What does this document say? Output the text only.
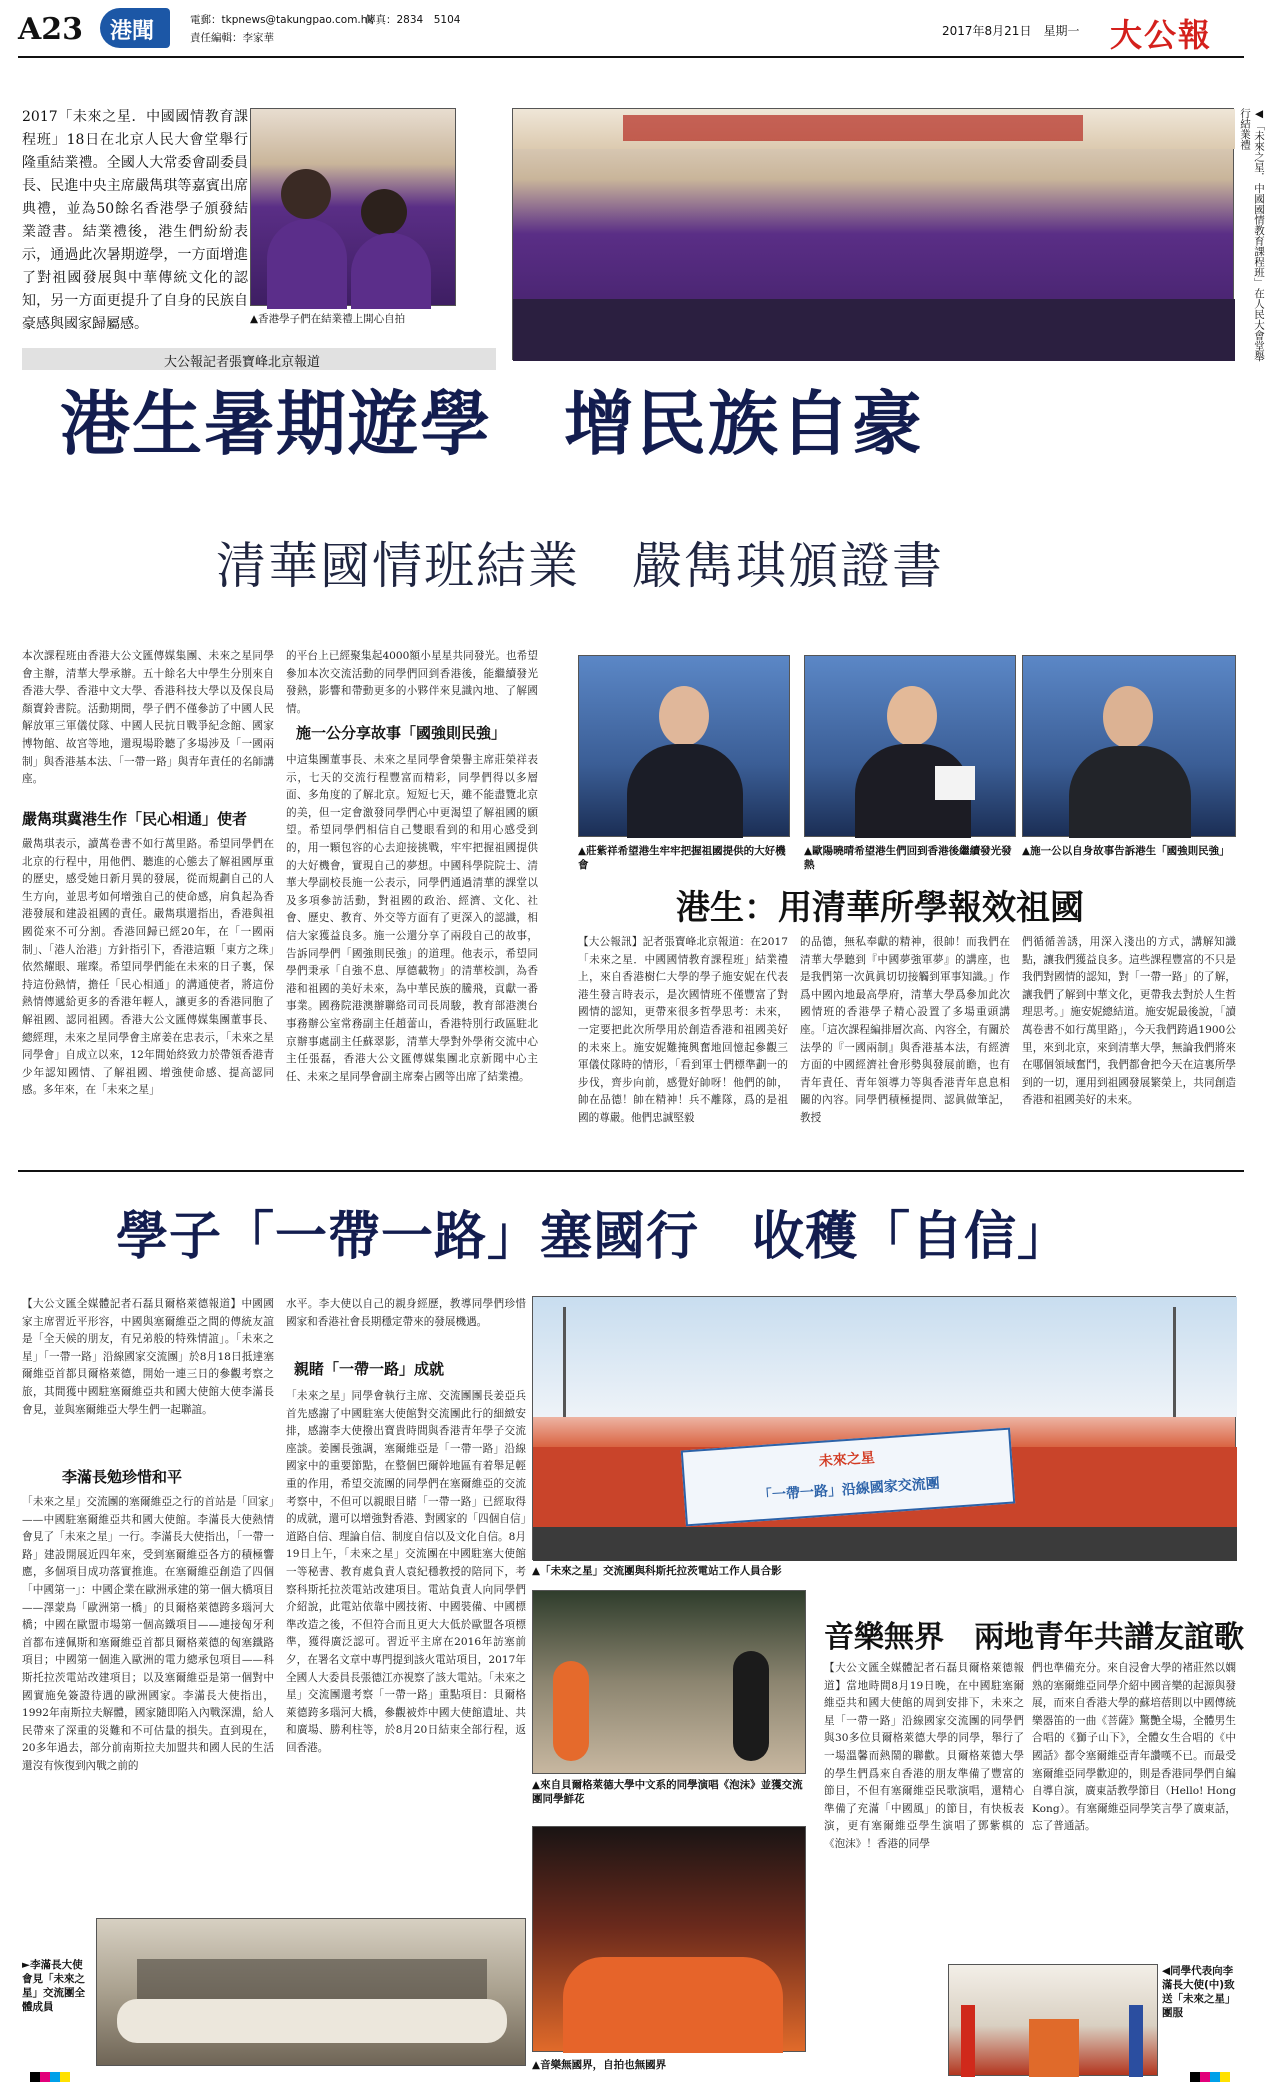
A23 港聞	電郵：tkpnews@takungpao.com.hk
傳真：2834　5104
責任編輯：李家華	2017年8月21日　星期一 大公報
2017「未來之星．中國國情教育課程班」18日在北京人民大會堂舉行隆重結業禮。全國人大常委會副委員長、民進中央主席嚴雋琪等嘉賓出席典禮，並為50餘名香港學子頒發結業證書。結業禮後，港生們紛紛表示，通過此次暑期遊學，一方面增進了對祖國發展與中華傳統文化的認知，另一方面更提升了自身的民族自豪感與國家歸屬感。	▲香港學子們在結業禮上開心自拍	◀「未來之星．中國國情教育課程班」在人民大會堂舉行結業禮
大公報記者張寶峰北京報道
港生暑期遊學　增民族自豪
清華國情班結業　嚴雋琪頒證書
本次課程班由香港大公文匯傳媒集團、未來之星同學會主辦，清華大學承辦。五十餘名大中學生分別來自香港大學、香港中文大學、香港科技大學以及保良局顏寶鈴書院。活動期間，學子們不僅參訪了中國人民解放軍三軍儀仗隊、中國人民抗日戰爭紀念館、國家博物館、故宮等地，還現場聆聽了多場涉及「一國兩制」與香港基本法、「一帶一路」與青年責任的名師講座。
嚴雋琪冀港生作「民心相通」使者
嚴雋琪表示，讀萬卷書不如行萬里路。希望同學們在北京的行程中，用他們、聽進的心態去了解祖國厚重的歷史，感受她日新月異的發展，從而規劃自己的人生方向，並思考如何增強自己的使命感，肩負起為香港發展和建設祖國的責任。嚴雋琪還指出，香港與祖國從來不可分割。香港回歸已經20年，在「一國兩制」、「港人治港」方針指引下，香港這顆「東方之珠」依然耀眼、璀璨。希望同學們能在未來的日子裏，保持這份熱情，擔任「民心相通」的溝通使者，將這份熱情傳遞給更多的香港年輕人，讓更多的香港同胞了解祖國、認同祖國。香港大公文匯傳媒集團董事長、總經理，未來之星同學會主席姜在忠表示，「未來之星同學會」自成立以來，12年間始終致力於帶領香港青少年認知國情、了解祖國、增強使命感、提高認同感。多年來，在「未來之星」
的平台上已經聚集起4000額小星星共同發光。也希望參加本次交流活動的同學們回到香港後，能繼續發光發熱，影響和帶動更多的小夥伴來見識內地、了解國情。
施一公分享故事「國強則民強」
中這集團董事長、未來之星同學會榮譽主席莊榮祥表示，七天的交流行程豐富而精彩，同學們得以多層面、多角度的了解北京。短短七天，雖不能盡覽北京的美，但一定會激發同學們心中更渴望了解祖國的願望。希望同學們相信自己雙眼看到的和用心感受到的，用一顆包容的心去迎接挑戰，牢牢把握祖國提供的大好機會，實現自己的夢想。中國科學院院士、清華大學副校長施一公表示，同學們通過清華的課堂以及多項參訪活動，對祖國的政治、經濟、文化、社會、歷史、教育、外交等方面有了更深入的認識，相信大家獲益良多。施一公還分享了兩段自己的故事，告訴同學們「國強則民強」的道理。他表示，希望同學們秉承「自強不息、厚德載物」的清華校訓，為香港和祖國的美好未來，為中華民族的騰飛，貢獻一番事業。國務院港澳辦聯絡司司長周駿，教育部港澳台事務辦公室常務副主任趙蕾山，香港特別行政區駐北京辦事處副主任蘇翠影，清華大學對外學術交流中心主任張磊，香港大公文匯傳媒集團北京新聞中心主任、未來之星同學會副主席秦占國等出席了結業禮。
▲莊紫祥希望港生牢牢把握祖國提供的大好機會
▲歐陽曉晴希望港生們回到香港後繼續發光發熱
▲施一公以自身故事告訴港生「國強則民強」
港生：用清華所學報效祖國
【大公報訊】記者張寶峰北京報道：在2017「未來之星．中國國情教育課程班」結業禮上，來自香港樹仁大學的學子施安妮在代表港生發言時表示，是次國情班不僅豐富了對國情的認知，更帶來很多哲學思考：未來，一定要把此次所學用於創造香港和祖國美好的未來上。施安妮難掩興奮地回憶起參觀三軍儀仗隊時的情形，「看到軍士們標準劃一的步伐，齊步向前，感覺好帥呀！他們的帥，帥在品德！帥在精神！兵不離隊，爲的是祖國的尊嚴。他們忠誠堅毅
的品德，無私奉獻的精神，很帥！而我們在清華大學聽到『中國夢強軍夢』的講座，也是我們第一次眞眞切切接觸到軍事知識。」作爲中國內地最高學府，清華大學爲參加此次國情班的香港學子精心設置了多場重頭講座。「這次課程編排層次高、內容全，有關於法學的『一國兩制』與香港基本法，有經濟方面的中國經濟社會形勢與發展前瞻，也有青年責任、青年領導力等與香港青年息息相關的內容。同學們積極提問、認眞做筆記，教授
們循循善誘，用深入淺出的方式，講解知識點，讓我們獲益良多。這些課程豐富的不只是我們對國情的認知，對「一帶一路」的了解，讓我們了解到中華文化，更帶我去對於人生哲理思考。」施安妮總結道。施安妮最後說，「讀萬卷書不如行萬里路」，今天我們跨過1900公里，來到北京，來到清華大學，無論我們將來在哪個領域奮鬥，我們都會把今天在這裏所學到的一切，運用到祖國發展繁榮上，共同創造香港和祖國美好的未來。
學子「一帶一路」塞國行　收穫「自信」
【大公文匯全媒體記者石磊貝爾格萊德報道】中國國家主席習近平形容，中國與塞爾維亞之間的傳統友誼是「全天候的朋友，有兄弟般的特殊情誼」。「未來之星」「一帶一路」沿線國家交流團」於8月18日抵達塞爾維亞首都貝爾格萊德，開始一連三日的參觀考察之旅，其間獲中國駐塞爾維亞共和國大使館大使李滿長會見，並與塞爾維亞大學生們一起聯誼。
李滿長勉珍惜和平
「未來之星」交流團的塞爾維亞之行的首站是「回家」——中國駐塞爾維亞共和國大使館。李滿長大使熱情會見了「未來之星」一行。李滿長大使指出，「一帶一路」建設開展近四年來，受到塞爾維亞各方的積極響應，多個項目成功落實推進。在塞爾維亞創造了四個「中國第一」：中國企業在歐洲承建的第一個大橋項目——澤蒙鳥「歐洲第一橋」的貝爾格萊德跨多瑙河大橋；中國在歐盟市場第一個高鐵項目——連接匈牙利首都布達佩斯和塞爾維亞首都貝爾格萊德的匈塞鐵路項目；中國第一個進入歐洲的電力總承包項目——科斯托拉茨電站改建項目；以及塞爾維亞是第一個對中國實施免簽證待遇的歐洲國家。李滿長大使指出，1992年南斯拉夫解體，國家隨即陷入內戰深淵，給人民帶來了深重的災難和不可估量的損失。直到現在，20多年過去，部分前南斯拉夫加盟共和國人民的生活還沒有恢復到內戰之前的
水平。李大使以自己的親身經歷，教導同學們珍惜國家和香港社會長期穩定帶來的發展機遇。
親睹「一帶一路」成就
「未來之星」同學會執行主席、交流團團長姜亞兵首先感謝了中國駐塞大使館對交流團此行的細緻安排，感謝李大使撥出寶貴時間與香港青年學子交流座談。姜團長強調，塞爾維亞是「一帶一路」沿線國家中的重要節點，在整個巴爾幹地區有着舉足輕重的作用，希望交流團的同學們在塞爾維亞的交流考察中，不但可以親眼目睹「一帶一路」已經取得的成就，還可以增強對香港、對國家的「四個自信」道路自信、理論自信、制度自信以及文化自信。8月19日上午，「未來之星」交流團在中國駐塞大使館一等秘書、教育處負責人袁紀穩教授的陪同下，考察科斯托拉茨電站改建項目。電站負責人向同學們介紹說，此電站依靠中國技術、中國裝備、中國標準改造之後，不但符合而且更大大低於歐盟各項標準，獲得廣泛認可。習近平主席在2016年訪塞前夕，在署名文章中專門提到該火電站項目，2017年全國人大委員長張德江亦視察了該大電站。「未來之星」交流團還考察「一帶一路」重點項目：貝爾格萊德跨多瑙河大橋，參觀被炸中國大使館遺址、共和廣場、勝利柱等，於8月20日結束全部行程，返回香港。
►李滿長大使會見「未來之星」交流團全體成員
未來之星
「一帶一路」沿線國家交流團
▲「未來之星」交流團與科斯托拉茨電站工作人員合影
▲來自貝爾格萊德大學中文系的同學演唱《泡沫》並獲交流團同學鮮花
▲音樂無國界，自拍也無國界
音樂無界　兩地青年共譜友誼歌
【大公文匯全媒體記者石磊貝爾格萊德報道】當地時間8月19日晚，在中國駐塞爾維亞共和國大使館的周到安排下，未來之星「一帶一路」沿線國家交流團的同學們與30多位貝爾格萊德大學的同學，舉行了一場溫馨而熱鬧的聯歡。貝爾格萊德大學的學生們爲來自香港的朋友準備了豐富的節目，不但有塞爾維亞民歌演唱，還精心準備了充滿「中國風」的節目，有快板表演，更有塞爾維亞學生演唱了鄧紫棋的《泡沫》！香港的同學
們也準備充分。來自浸會大學的褚莊然以嫻熟的塞爾維亞同學介紹中國音樂的起源與發展，而來自香港大學的蘇培蓓則以中國傳統樂器笛的一曲《菩薩》驚艷全場，全體男生合唱的《獅子山下》，全體女生合唱的《中國話》都令塞爾維亞青年讚嘆不已。而最受塞爾維亞同學歡迎的，則是香港同學們自編自導自演，廣東話教學節目（Hello! Hong Kong）。有塞爾維亞同學笑言學了廣東話，忘了普通話。
◀同學代表向李滿長大使(中)致送「未來之星」團服
